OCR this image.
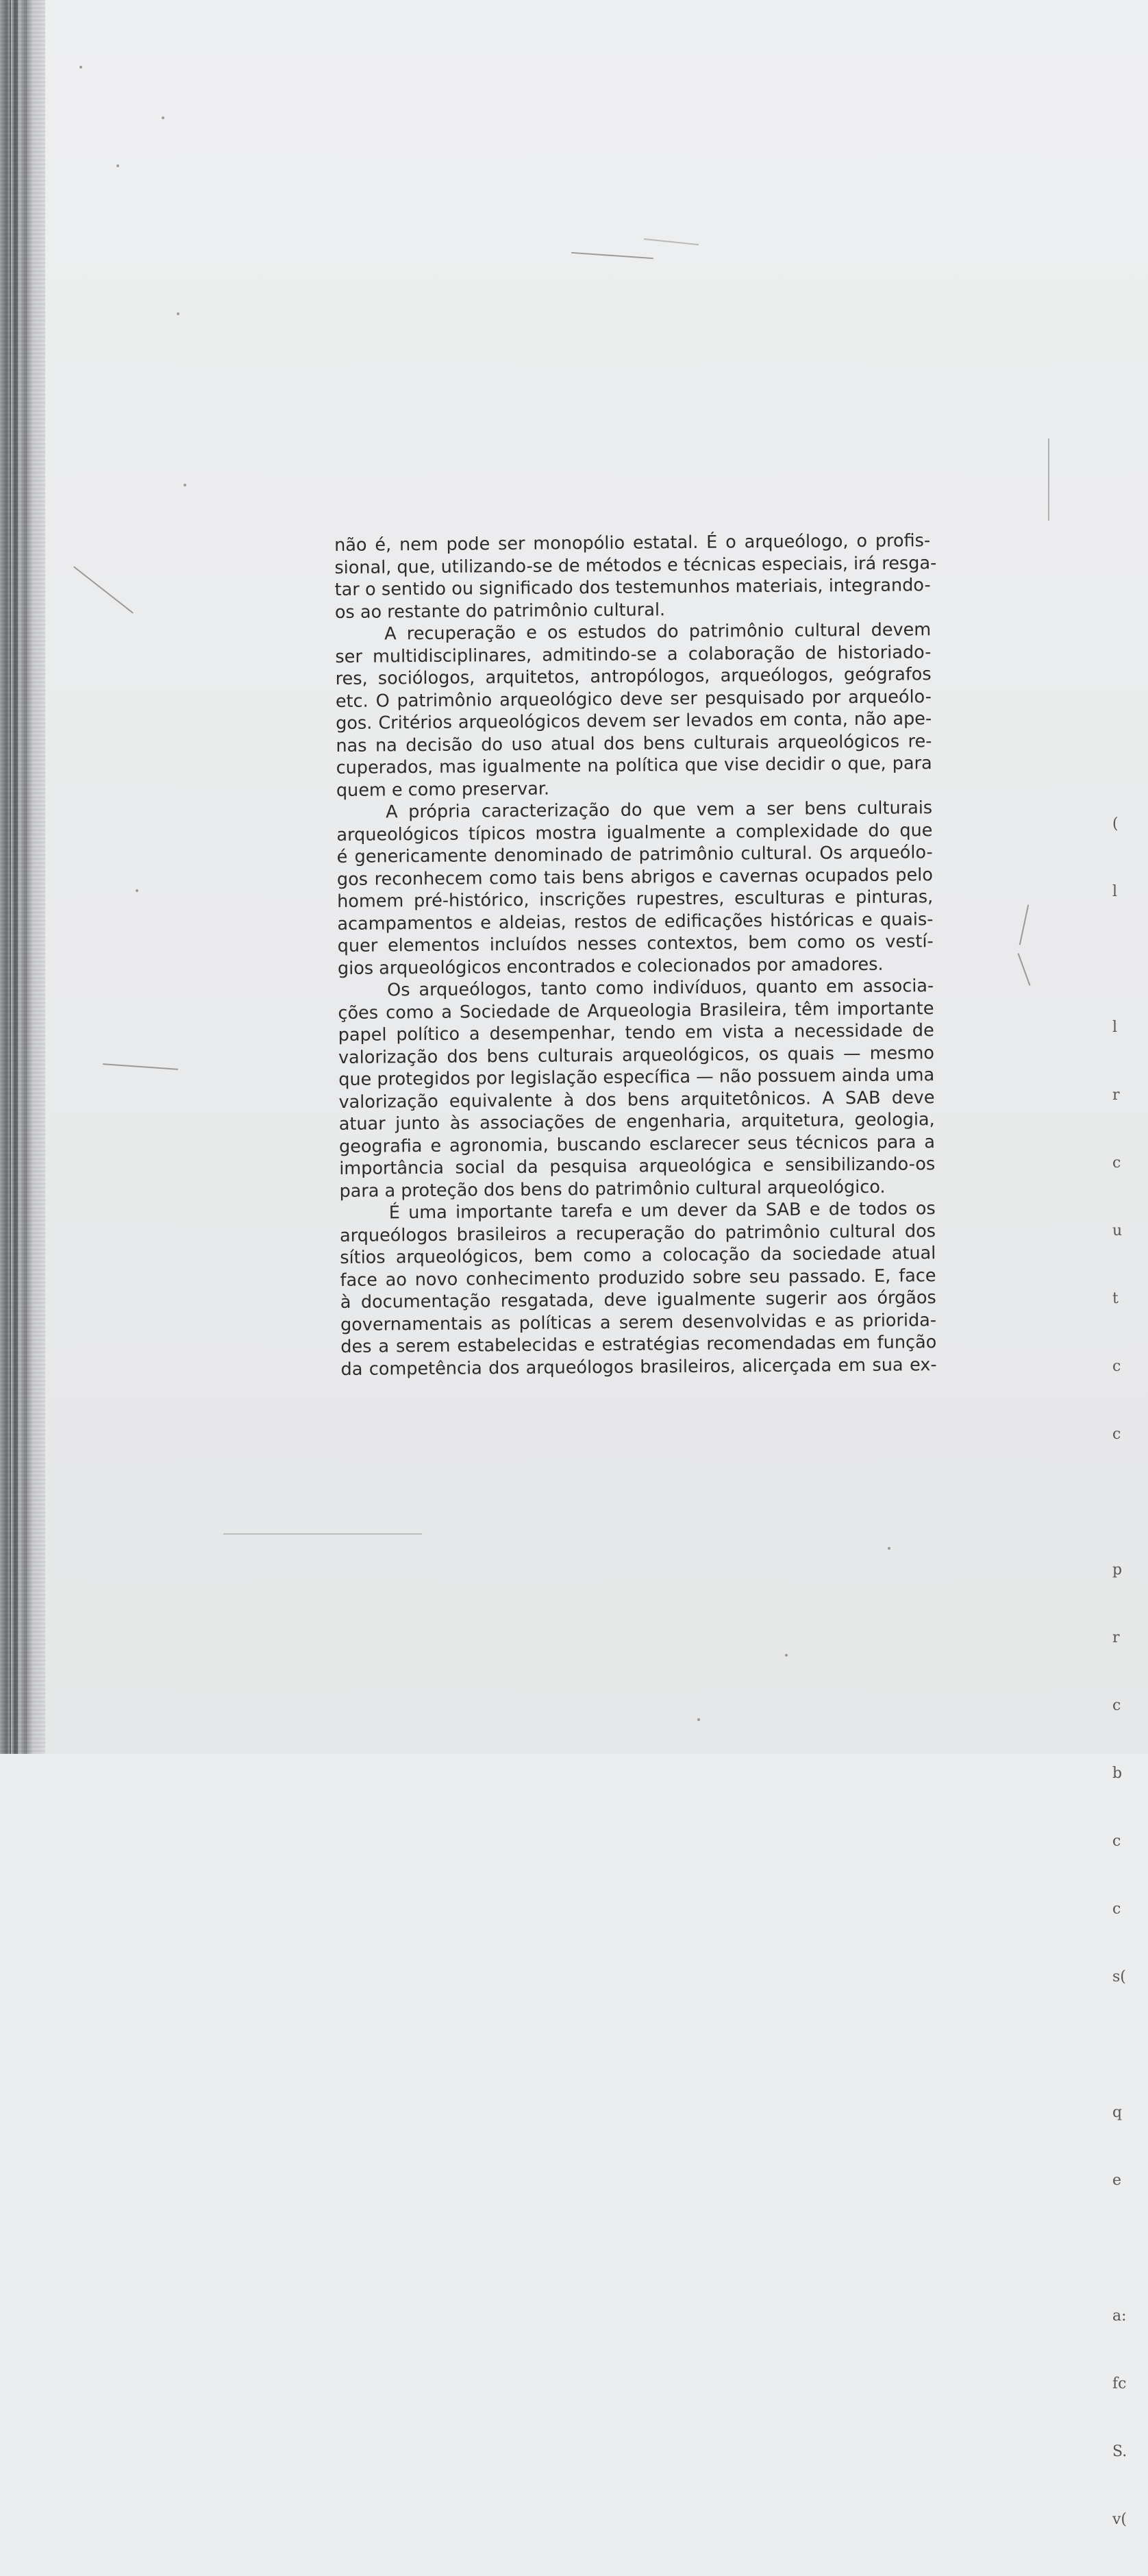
não é, nem pode ser monopólio estatal. É o arqueólogo, o profis-
sional, que, utilizando-se de métodos e técnicas especiais, irá resga-
tar o sentido ou significado dos testemunhos materiais, integrando-
os ao restante do patrimônio cultural.
A recuperação e os estudos do patrimônio cultural devem
ser multidisciplinares, admitindo-se a colaboração de historiado-
res, sociólogos, arquitetos, antropólogos, arqueólogos, geógrafos
etc. O patrimônio arqueológico deve ser pesquisado por arqueólo-
gos. Critérios arqueológicos devem ser levados em conta, não ape-
nas na decisão do uso atual dos bens culturais arqueológicos re-
cuperados, mas igualmente na política que vise decidir o que, para
quem e como preservar.
A própria caracterização do que vem a ser bens culturais
arqueológicos típicos mostra igualmente a complexidade do que
é genericamente denominado de patrimônio cultural. Os arqueólo-
gos reconhecem como tais bens abrigos e cavernas ocupados pelo
homem pré-histórico, inscrições rupestres, esculturas e pinturas,
acampamentos e aldeias, restos de edificações históricas e quais-
quer elementos incluídos nesses contextos, bem como os vestí-
gios arqueológicos encontrados e colecionados por amadores.
Os arqueólogos, tanto como indivíduos, quanto em associa-
ções como a Sociedade de Arqueologia Brasileira, têm importante
papel político a desempenhar, tendo em vista a necessidade de
valorização dos bens culturais arqueológicos, os quais — mesmo
que protegidos por legislação específica — não possuem ainda uma
valorização equivalente à dos bens arquitetônicos. A SAB deve
atuar junto às associações de engenharia, arquitetura, geologia,
geografia e agronomia, buscando esclarecer seus técnicos para a
importância social da pesquisa arqueológica e sensibilizando-os
para a proteção dos bens do patrimônio cultural arqueológico.
É uma importante tarefa e um dever da SAB e de todos os
arqueólogos brasileiros a recuperação do patrimônio cultural dos
sítios arqueológicos, bem como a colocação da sociedade atual
face ao novo conhecimento produzido sobre seu passado. E, face
à documentação resgatada, deve igualmente sugerir aos órgãos
governamentais as políticas a serem desenvolvidas e as priorida-
des a serem estabelecidas e estratégias recomendadas em função
da competência dos arqueólogos brasileiros, alicerçada em sua ex-

(

l

l

r

c

u

t

c

c

p

r

c

b

c

c

s(

q

e

a:

fc

S.

v(
